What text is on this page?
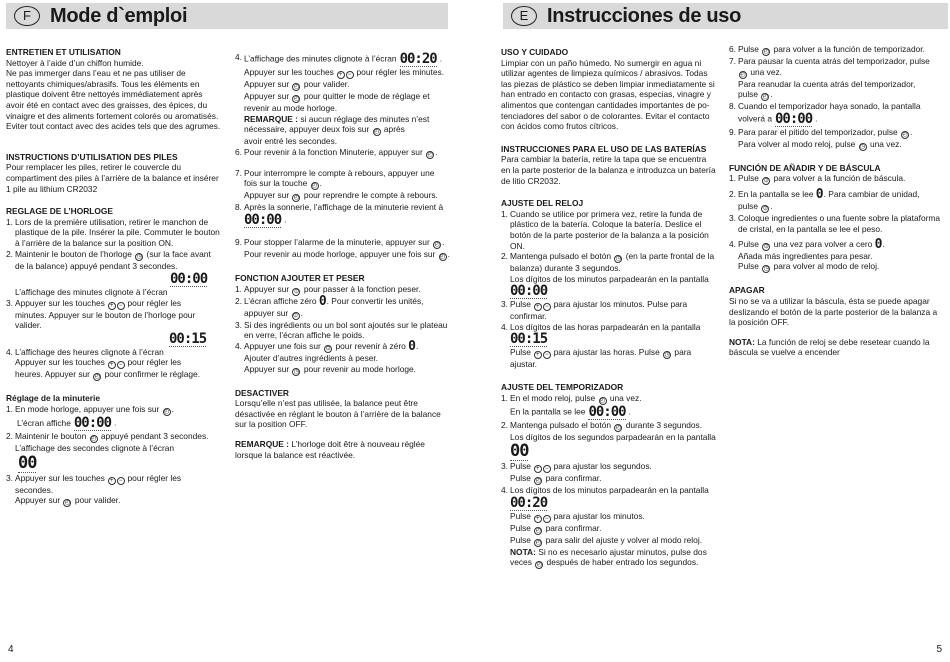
F Mode d`emploi	E Instrucciones de uso
ENTRETIEN ET UTILISATION
Nettoyer à l’aide d’un chiffon humide.
Ne pas immerger dans l’eau et ne pas utiliser de
nettoyants chimiques/abrasifs. Tous les éléments en
plastique doivent être nettoyés immédiatement après
avoir été en contact avec des graisses, des épices, du
vinaigre et des aliments fortement colorés ou aromatisés.
Eviter tout contact avec des acides tels que des agrumes.
INSTRUCTIONS D’UTILISATION DES PILES
Pour remplacer les piles, retirer le couvercle du
compartiment des piles à l’arrière de la balance et insérer
1 pile au lithium CR2032
REGLAGE DE L’HORLOGE
1. Lors de la première utilisation, retirer le manchon de
plastique de la pile. Insérer la pile. Commuter le bouton
à l’arrière de la balance sur la position ON.
2. Maintenir le bouton de l’horloge ◷ (sur la face avant
de la balance) appuyé pendant 3 secondes.
00:00
L’affichage des minutes clignote à l’écran
3. Appuyer sur les touches + − pour régler les
minutes. Appuyer sur le bouton de l’horloge pour
valider.
00:15
4. L’affichage des heures clignote à l’écran
Appuyer sur les touches + − pour régler les
heures. Appuyer sur ◴ pour confirmer le réglage.
Réglage de la minuterie
1. En mode horloge, appuyer une fois sur ◴ .
L’écran affiche 00:00 .
2. Maintenir le bouton ◴ appuyé pendant 3 secondes.
L’affichage des secondes clignote à l’écran
00
3. Appuyer sur les touches + − pour régler les
secondes.
Appuyer sur ◴ pour valider.
4. L’affichage des minutes clignote à l’écran 00:20 .
Appuyer sur les touches + − pour régler les minutes.
Appuyer sur ◴ pour valider.
Appuyer sur ◴ pour quitter le mode de réglage et
revenir au mode horloge.
REMARQUE : si aucun réglage des minutes n’est
nécessaire, appuyer deux fois sur ◴ après
avoir entré les secondes.
6. Pour revenir à la fonction Minuterie, appuyer sur ◴ .
7. Pour interrompre le compte à rebours, appuyer une
fois sur la touche ◴ .
Appuyer sur ◴ pour reprendre le compte à rebours.
8. Après la sonnerie, l’affichage de la minuterie revient à
00:00 .
9. Pour stopper l’alarme de la minuterie, appuyer sur ◴ .
Pour revenir au mode horloge, appuyer une fois sur ◴ .
FONCTION AJOUTER ET PESER
1. Appuyer sur ⊙ pour passer à la fonction peser.
2. L’écran affiche zéro 0. Pour convertir les unités,
appuyer sur ⊙ .
3. Si des ingrédients ou un bol sont ajoutés sur le plateau
en verre, l’écran affiche le poids.
4. Appuyer une fois sur ⊙ pour revenir à zéro 0.
Ajouter d’autres ingrédients à peser.
Appuyer sur ◷ pour revenir au mode horloge.
DESACTIVER
Lorsqu’elle n’est pas utilisée, la balance peut être
désactivée en réglant le bouton à l’arrière de la balance
sur la position OFF.
REMARQUE : L’horloge doit être à nouveau réglée
lorsque la balance est réactivée.
USO Y CUIDADO
Limpiar con un paño húmedo. No sumergir en agua ni
utilizar agentes de limpieza químicos / abrasivos. Todas
las piezas de plástico se deben limpiar inmediatamente si
han entrado en contacto con grasas, especias, vinagre y
alimentos que contengan cantidades importantes de po-
tenciadores del sabor o de colorantes. Evitar el contacto
con ácidos como frutos cítricos.
INSTRUCCIONES PARA EL USO DE LAS BATERÍAS
Para cambiar la batería, retire la tapa que se encuentra
en la parte posterior de la balanza e introduzca un batería
de litio CR2032.
AJUSTE DEL RELOJ
1. Cuando se utilice por primera vez, retire la funda de
plástico de la batería. Coloque la batería. Deslice el
botón de la parte posterior de la balanza a la posición
ON.
2. Mantenga pulsado el botón ◷ (en la parte frontal de la
balanza) durante 3 segundos.
Los dígitos de los minutos parpadearán en la pantalla
00:00
3. Pulse + − para ajustar los minutos. Pulse para
confirmar.
4. Los dígitos de las horas parpadearán en la pantalla
00:15
Pulse + − para ajustar las horas. Pulse ◷ para
ajustar.
AJUSTE DEL TEMPORIZADOR
1. En el modo reloj, pulse ◴ una vez.
En la pantalla se lee 00:00 .
2. Mantenga pulsado el botón ◴ durante 3 segundos.
Los dígitos de los segundos parpadearán en la pantalla
00
3. Pulse + − para ajustar los segundos.
Pulse ◴ para confirmar.
4. Los dígitos de los minutos parpadearán en la pantalla
00:20
Pulse + − para ajustar los minutos.
Pulse ◴ para confirmar.
Pulse ◴ para salir del ajuste y volver al modo reloj.
NOTA: Si no es necesario ajustar minutos, pulse dos
veces ◴ después de haber entrado los segundos.
6. Pulse ◴ para volver a la función de temporizador.
7. Para pausar la cuenta atrás del temporizador, pulse
◴ una vez.
Para reanudar la cuenta atrás del temporizador,
pulse ◴ .
8. Cuando el temporizador haya sonado, la pantalla
volverá a 00:00 .
9. Para parar el pitido del temporizador, pulse ◴ .
Para volver al modo reloj, pulse ◷ una vez.
FUNCIÓN DE AÑADIR Y DE BÁSCULA
1. Pulse ⊙ para volver a la función de báscula.
2. En la pantalla se lee 0. Para cambiar de unidad,
pulse ⊙ .
3. Coloque ingredientes o una fuente sobre la plataforma
de cristal, en la pantalla se lee el peso.
4. Pulse ⊙ una vez para volver a cero 0.
Añada más ingredientes para pesar.
Pulse ◷ para volver al modo de reloj.
APAGAR
Si no se va a utilizar la báscula, ésta se puede apagar
deslizando el botón de la parte posterior de la balanza a
la posición OFF.
NOTA: La función de reloj se debe resetear cuando la
báscula se vuelve a encender
4	5
